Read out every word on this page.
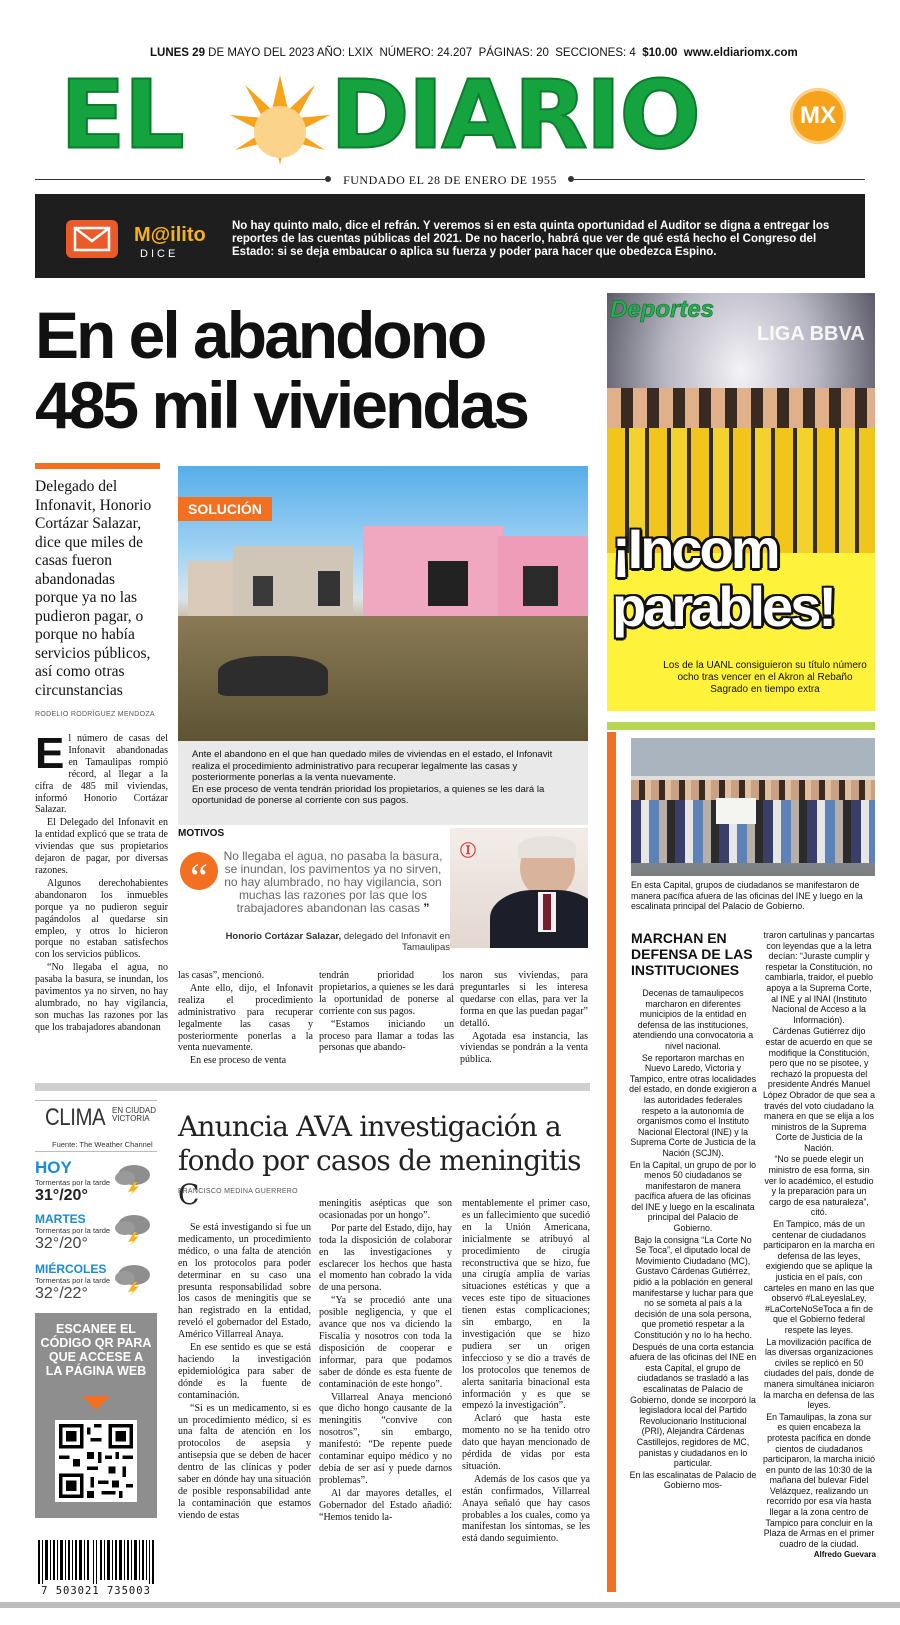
LUNES 29 DE MAYO DEL 2023 AÑO: LXIX NÚMERO: 24.207 PÁGINAS: 20 SECCIONES: 4 $10.00 www.eldiariomx.com
EL DIARIO	MX
FUNDADO EL 28 DE ENERO DE 1955
M@ilito
DICE
No hay quinto malo, dice el refrán. Y veremos si en esta quinta oportunidad el Auditor se digna a entregar los reportes de las cuentas públicas del 2021. De no hacerlo, habrá que ver de qué está hecho el Congreso del Estado: si se deja embaucar o aplica su fuerza y poder para hacer que obedezca Espino.
En el abandono
485 mil viviendas
Delegado del Infonavit, Honorio Cortázar Salazar, dice que miles de casas fueron abandonadas porque ya no las pudieron pagar, o porque no había servicios públicos, así como otras circunstancias
RODELIO RODRÍGUEZ MENDOZA

El número de casas del Infonavit abandonadas en Tamaulipas rompió récord, al llegar a la cifra de 485 mil viviendas, informó Honorio Cortázar Salazar.

El Delegado del Infonavit en la entidad explicó que se trata de viviendas que sus propietarios dejaron de pagar, por diversas razones.

Algunos derechohabientes abandonaron los inmuebles porque ya no pudieron seguir pagándolos al quedarse sin empleo, y otros lo hicieron porque no estaban satisfechos con los servicios públicos.

“No llegaba el agua, no pasaba la basura, se inundan, los pavimentos ya no sirven, no hay alumbrado, no hay vigilancia, son muchas las razones por las que los trabajadores abandonan

SOLUCIÓN
Ante el abandono en el que han quedado miles de viviendas en el estado, el Infonavit realiza el procedimiento administrativo para recuperar legalmente las casas y posteriormente ponerlas a la venta nuevamente.
En ese proceso de venta tendrán prioridad los propietarios, a quienes se les dará la oportunidad de ponerse al corriente con sus pagos.
MOTIVOS
“	No llegaba el agua, no pasaba la basura, se inundan, los pavimentos ya no sirven, no hay alumbrado, no hay vigilancia, son muchas las razones por las que los trabajadores abandonan las casas ”
Honorio Cortázar Salazar, delegado del Infonavit en Tamaulipas
Ⓘ

las casas”, mencionó.

Ante ello, dijo, el Infonavit realiza el procedimiento administrativo para recuperar legalmente las casas y posteriormente ponerlas a la venta nuevamente.

En ese proceso de venta

tendrán prioridad los propietarios, a quienes se les dará la oportunidad de ponerse al corriente con sus pagos.

“Estamos iniciando un proceso para llamar a todas las personas que abando-

naron sus viviendas, para preguntarles si les interesa quedarse con ellas, para ver la forma en que las puedan pagar” detalló.

Agotada esa instancia, las viviendas se pondrán a la venta pública.

LIGA BBVA
Deportes
¡Incom
parables!
Los de la UANL consiguieron su título número ocho tras vencer en el Akron al Rebaño Sagrado en tiempo extra
En esta Capital, grupos de ciudadanos se manifestaron de manera pacífica afuera de las oficinas del INE y luego en la escalinata principal del Palacio de Gobierno.
MARCHAN EN DEFENSA DE LAS INSTITUCIONES

Decenas de tamaulipecos marcharon en diferentes municipios de la entidad en defensa de las instituciones, atendiendo una convocatoria a nivel nacional.

Se reportaron marchas en Nuevo Laredo, Victoria y Tampico, entre otras localidades del estado, en donde exigieron a las autoridades federales respeto a la autonomía de organismos como el Instituto Nacional Electoral (INE) y la Suprema Corte de Justicia de la Nación (SCJN).

En la Capital, un grupo de por lo menos 50 ciudadanos se manifestaron de manera pacífica afuera de las oficinas del INE y luego en la escalinata principal del Palacio de Gobierno.

Bajo la consigna “La Corte No Se Toca”, el diputado local de Movimiento Ciudadano (MC), Gustavo Cárdenas Gutiérrez, pidió a la población en general manifestarse y luchar para que no se someta al país a la decisión de una sola persona, que prometió respetar a la Constitución y no lo ha hecho.

Después de una corta estancia afuera de las oficinas del INE en esta Capital, el grupo de ciudadanos se trasladó a las escalinatas de Palacio de Gobierno, donde se incorporó la legisladora local del Partido Revolucionario Institucional (PRI), Alejandra Cárdenas Castillejos, regidores de MC, panistas y ciudadanos en lo particular.

En las escalinatas de Palacio de Gobierno mos-

traron cartulinas y pancartas con leyendas que a la letra decían: “Juraste cumplir y respetar la Constitución, no cambiarla, traidor, el pueblo apoya a la Suprema Corte, al INE y al INAI (Instituto Nacional de Acceso a la Información).

Cárdenas Gutiérrez dijo estar de acuerdo en que se modifique la Constitución, pero que no se pisotee, y rechazó la propuesta del presidente Andrés Manuel López Obrador de que sea a través del voto ciudadano la manera en que se elija a los ministros de la Suprema Corte de Justicia de la Nación.

“No se puede elegir un ministro de esa forma, sin ver lo académico, el estudio y la preparación para un cargo de esa naturaleza”, citó.

En Tampico, más de un centenar de ciudadanos participaron en la marcha en defensa de las leyes, exigiendo que se aplique la justicia en el país, con carteles en mano en las que observó #LaLeyeslaLey, #LaCorteNoSeToca a fin de que el Gobierno federal respete las leyes.

La movilización pacífica de las diversas organizaciones civiles se replicó en 50 ciudades del país, donde de manera simultánea iniciaron la marcha en defensa de las leyes.

En Tamaulipas, la zona sur es quien encabeza la protesta pacífica en donde cientos de ciudadanos participaron, la marcha inició en punto de las 10:30 de la mañana del bulevar Fidel Velázquez, realizando un recorrido por esa vía hasta llegar a la zona centro de Tampico para concluir en la Plaza de Armas en el primer cuadro de la ciudad.

Alfredo Guevara

CLIMA EN CIUDAD
VICTORIA
Fuente: The Weather Channel
HOY
Tormentas por la tarde
31°/20°
MARTES
Tormentas por la tarde
32°/20°
MIÉRCOLES
Tormentas por la tarde
32°/22°
ESCANEE EL CÓDIGO QR PARA QUE ACCESE A LA PÁGINA WEB
7 503021 735003
Anuncia AVA investigación a fondo por casos de meningitis C
FRANCISCO MEDINA GUERRERO

Se está investigando si fue un medicamento, un procedimiento médico, o una falta de atención en los protocolos para poder determinar en su caso una presunta responsabilidad sobre los casos de meningitis que se han registrado en la entidad, reveló el gobernador del Estado, Américo Villarreal Anaya.

En ese sentido es que se está haciendo la investigación epidemiológica para saber de dónde es la fuente de contaminación.

“Si es un medicamento, si es un procedimiento médico, si es una falta de atención en los protocolos de asepsia y antisepsia que se deben de hacer dentro de las clínicas y poder saber en dónde hay una situación de posible responsabilidad ante la contaminación que estamos viendo de estas

meningitis asépticas que son ocasionadas por un hongo”.

Por parte del Estado, dijo, hay toda la disposición de colaborar en las investigaciones y esclarecer los hechos que hasta el momento han cobrado la vida de una persona.

“Ya se procedió ante una posible negligencia, y que el avance que nos va diciendo la Fiscalía y nosotros con toda la disposición de cooperar e informar, para que podamos saber de dónde es esta fuente de contaminación de este hongo”.

Villarreal Anaya mencionó que dicho hongo causante de la meningitis “convive con nosotros”, sin embargo, manifestó: “De repente puede contaminar equipo médico y no debía de ser así y puede darnos problemas”.

Al dar mayores detalles, el Gobernador del Estado añadió: “Hemos tenido la-

mentablemente el primer caso, es un fallecimiento que sucedió en la Unión Americana, inicialmente se atribuyó al procedimiento de cirugía reconstructiva que se hizo, fue una cirugía amplia de varias situaciones estéticas y que a veces este tipo de situaciones tienen estas complicaciones; sin embargo, en la investigación que se hizo pudiera ser un origen infeccioso y se dio a través de los protocolos que tenemos de alerta sanitaria binacional esta información y es que se empezó la investigación”.

Aclaró que hasta este momento no se ha tenido otro dato que hayan mencionado de pérdida de vidas por esta situación.

Además de los casos que ya están confirmados, Villarreal Anaya señaló que hay casos probables a los cuales, como ya manifestan los síntomas, se les está dando seguimiento.
